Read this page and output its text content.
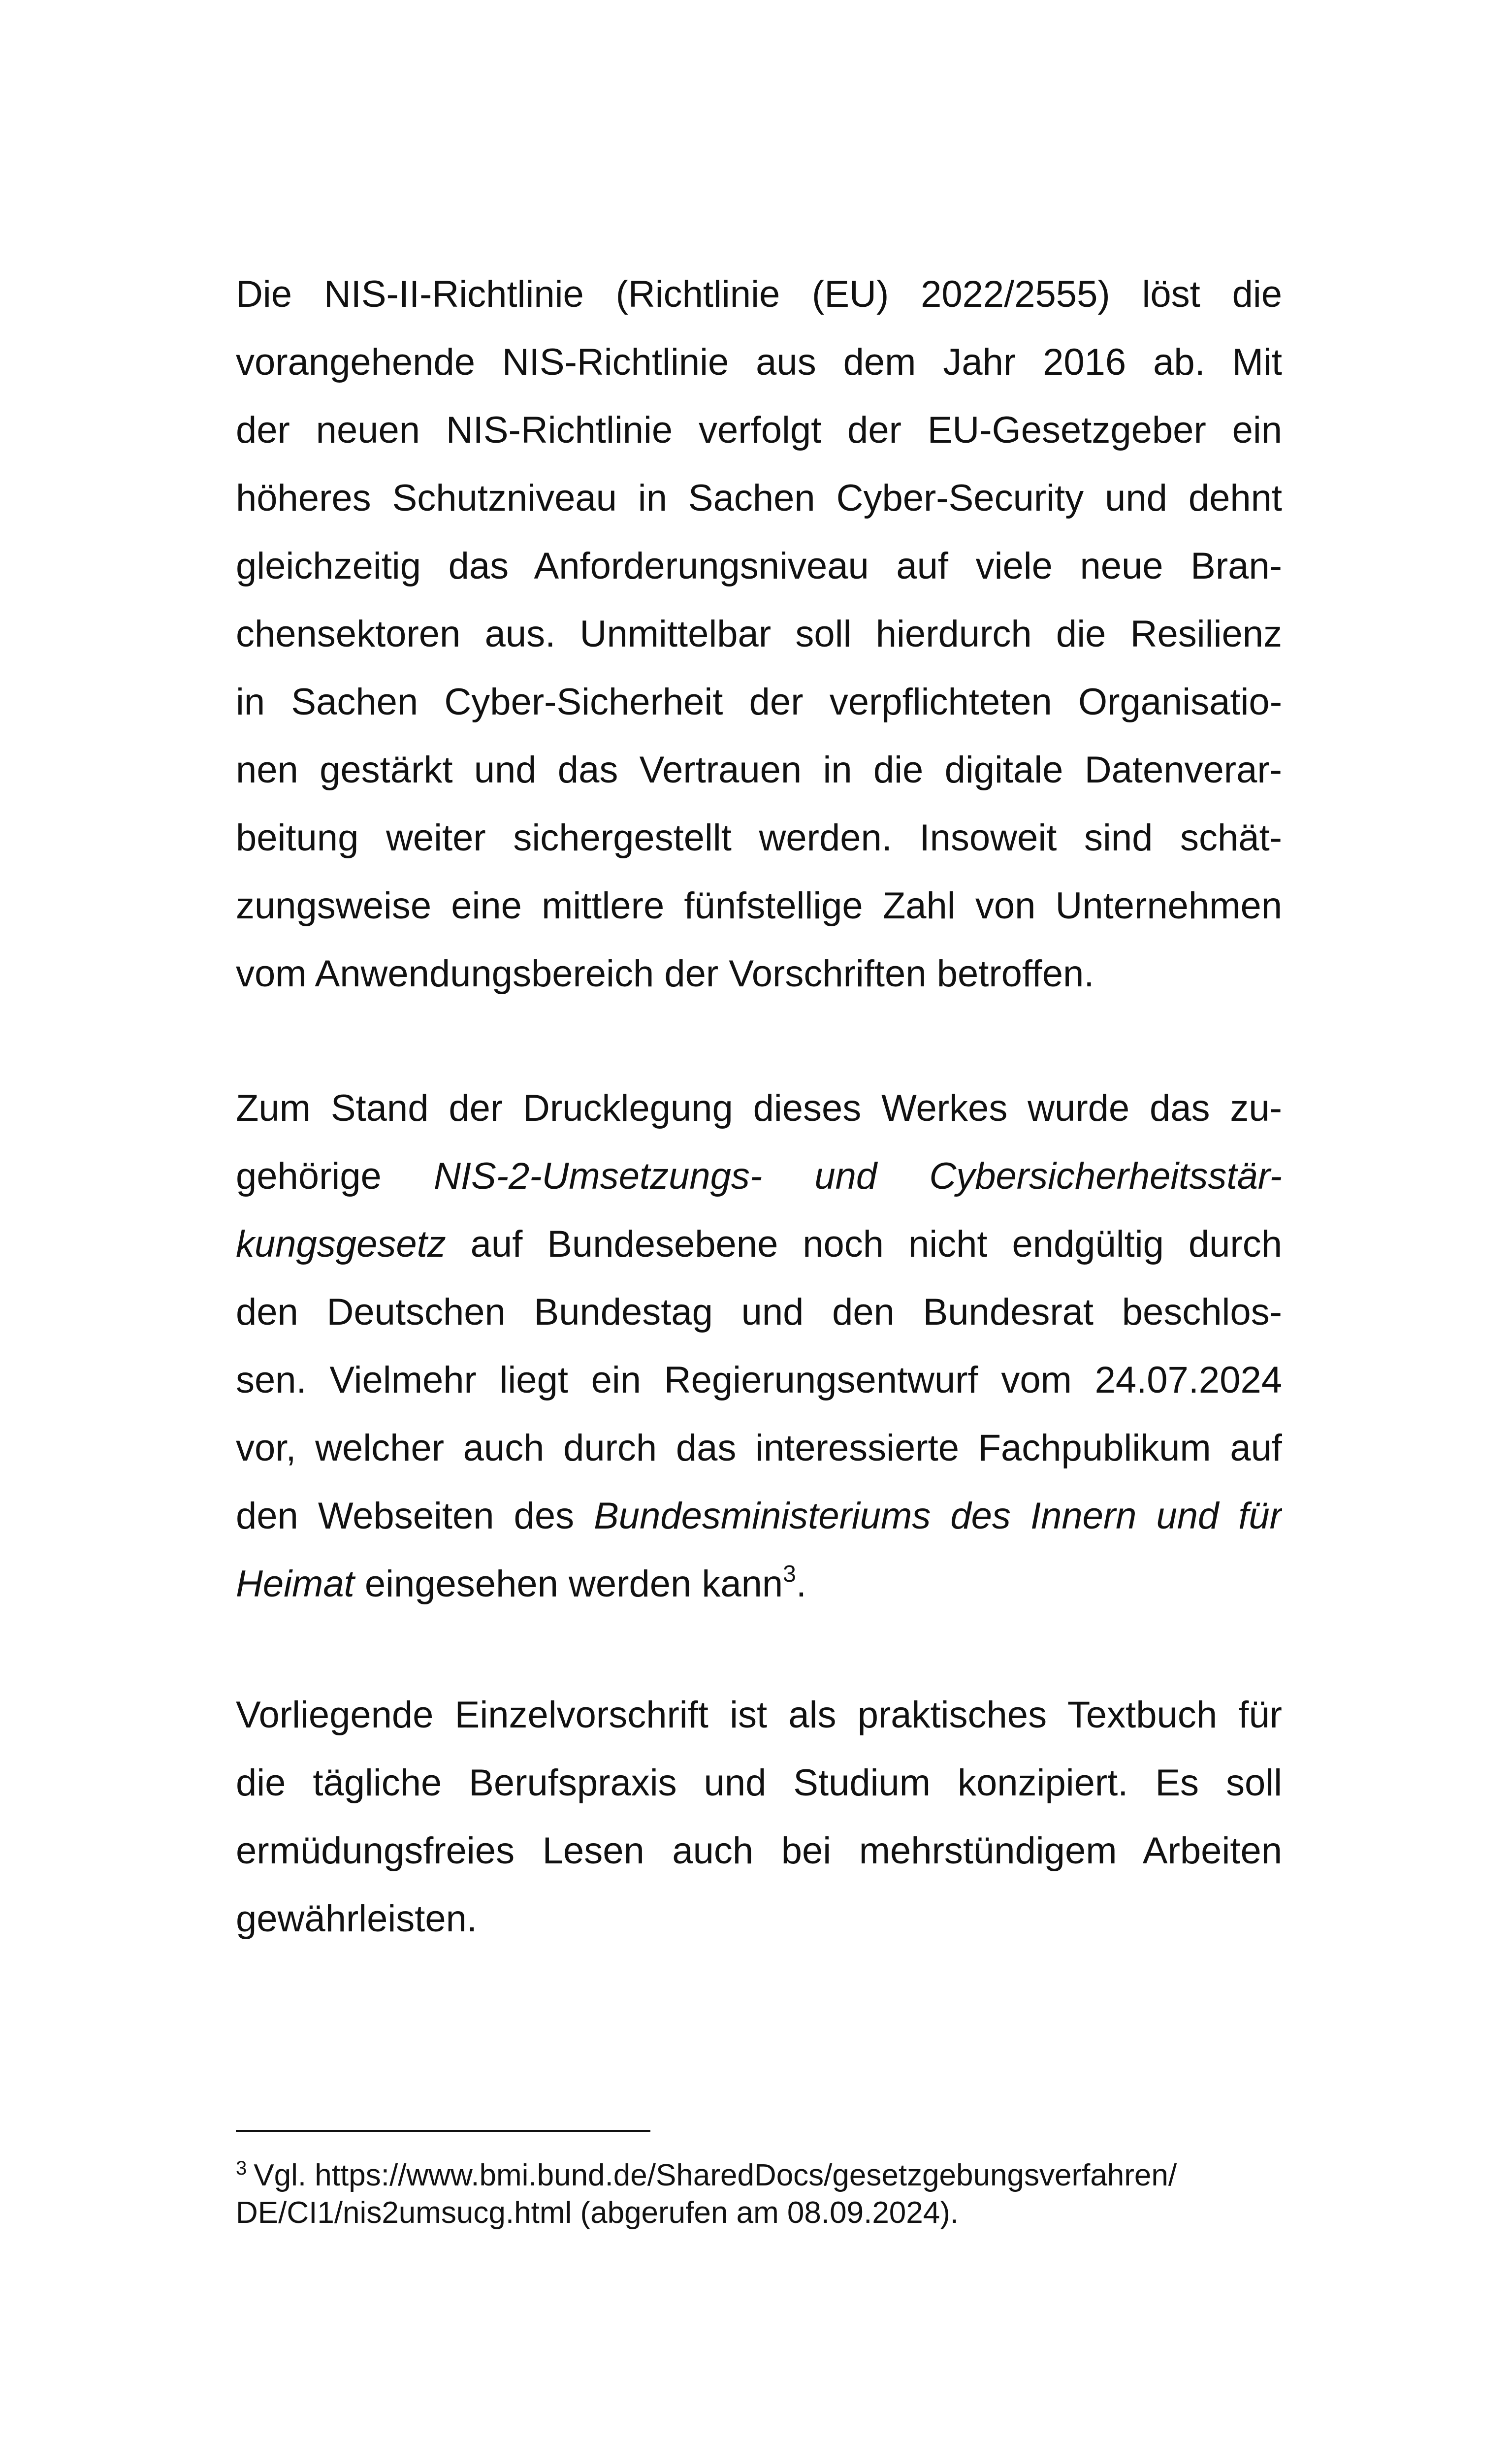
Die NIS-II-Richtlinie (Richtlinie (EU) 2022/2555) löst die
vorangehende NIS-Richtlinie aus dem Jahr 2016 ab. Mit
der neuen NIS-Richtlinie verfolgt der EU-Gesetzgeber ein
höheres Schutzniveau in Sachen Cyber-Security und dehnt
gleichzeitig das Anforderungsniveau auf viele neue Bran-
chensektoren aus. Unmittelbar soll hierdurch die Resilienz
in Sachen Cyber-Sicherheit der verpflichteten Organisatio-
nen gestärkt und das Vertrauen in die digitale Datenverar-
beitung weiter sichergestellt werden. Insoweit sind schät-
zungsweise eine mittlere fünfstellige Zahl von Unternehmen
vom Anwendungsbereich der Vorschriften betroffen.
Zum Stand der Drucklegung dieses Werkes wurde das zu-
gehörige NIS-2-Umsetzungs- und Cybersicherheitsstär-
kungsgesetz auf Bundesebene noch nicht endgültig durch
den Deutschen Bundestag und den Bundesrat beschlos-
sen. Vielmehr liegt ein Regierungsentwurf vom 24.07.2024
vor, welcher auch durch das interessierte Fachpublikum auf
den Webseiten des Bundesministeriums des Innern und für
Heimat eingesehen werden kann$^3$.
Vorliegende Einzelvorschrift ist als praktisches Textbuch für
die tägliche Berufspraxis und Studium konzipiert. Es soll
ermüdungsfreies Lesen auch bei mehrstündigem Arbeiten
gewährleisten.
$^3$ Vgl. https://www.bmi.bund.de/SharedDocs/gesetzgebungsverfahren/
DE/CI1/nis2umsucg.html (abgerufen am 08.09.2024).
